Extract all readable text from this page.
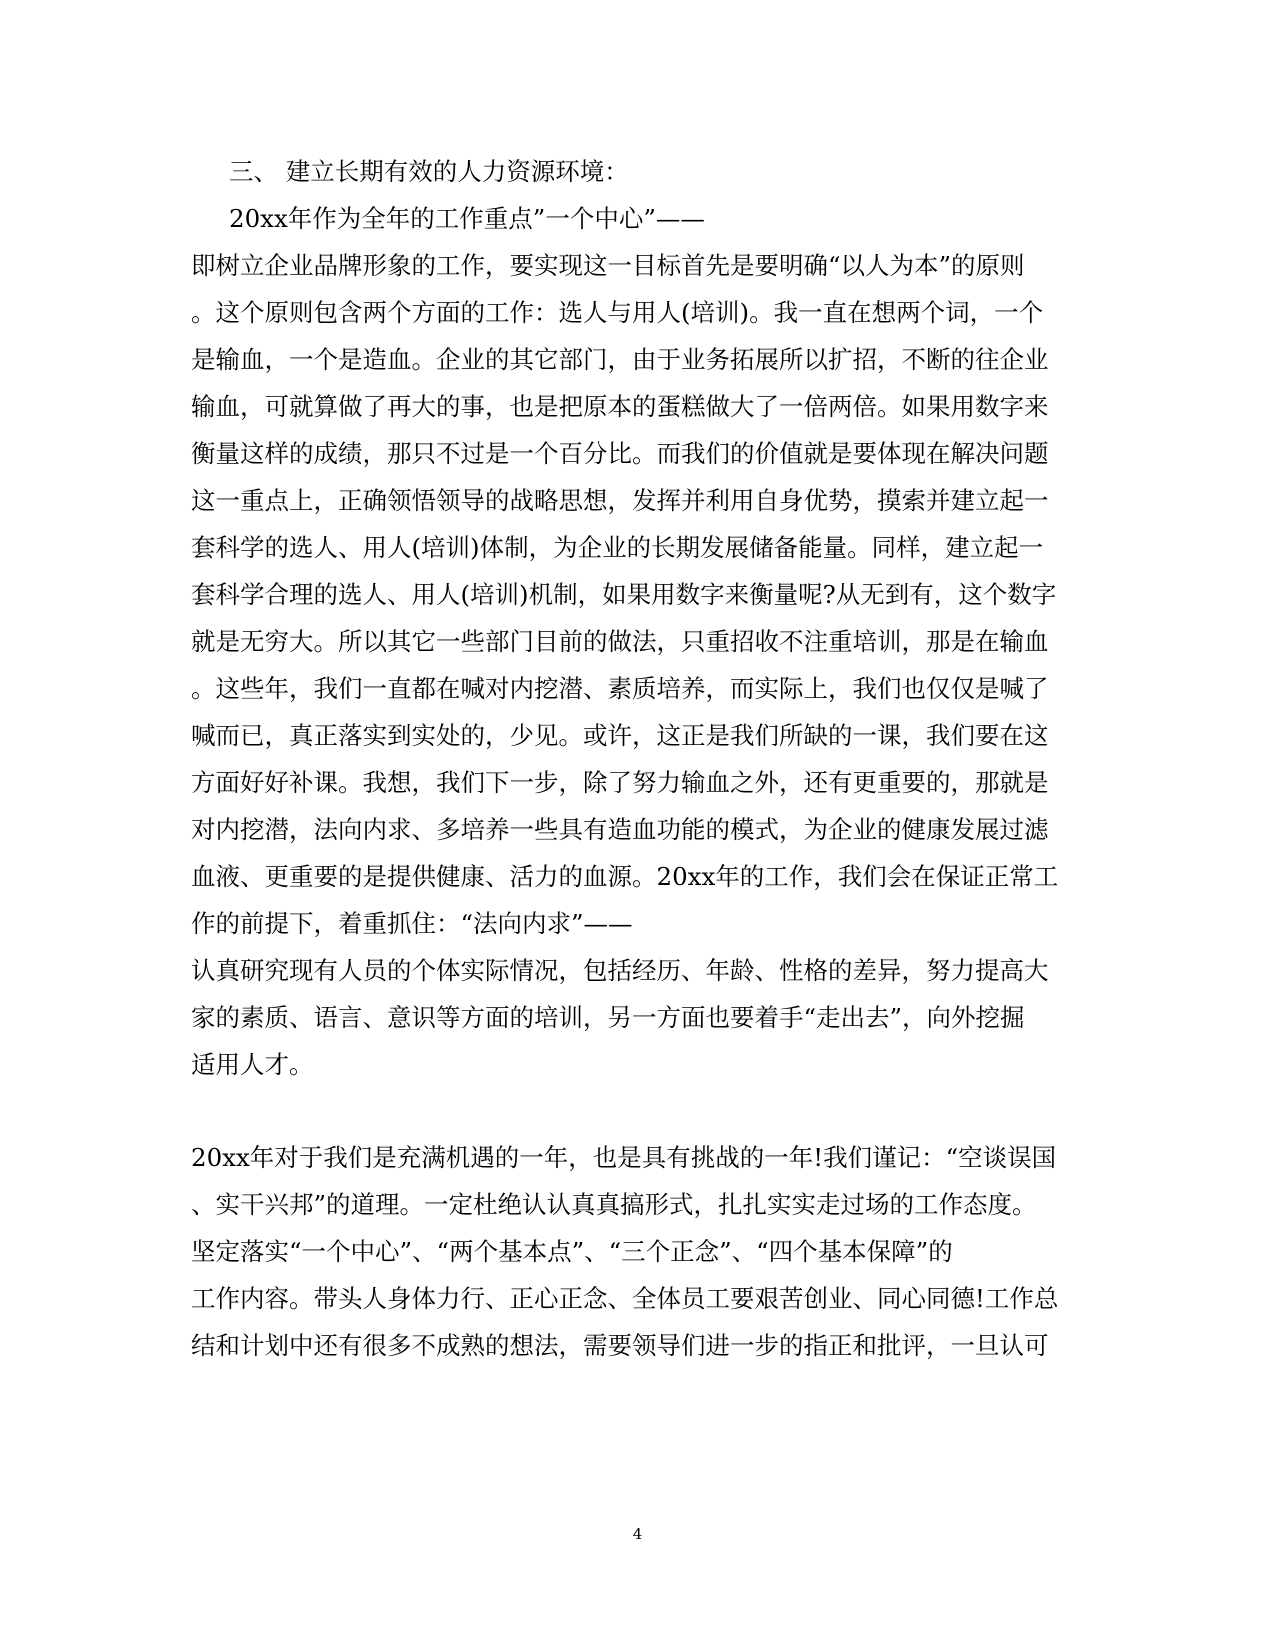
三、 建立长期有效的人力资源环境：
20xx年作为全年的工作重点”一个中心”——
即树立企业品牌形象的工作，要实现这一目标首先是要明确“以人为本”的原则
。这个原则包含两个方面的工作：选人与用人(培训)。我一直在想两个词，一个
是输血，一个是造血。企业的其它部门，由于业务拓展所以扩招，不断的往企业
输血，可就算做了再大的事，也是把原本的蛋糕做大了一倍两倍。如果用数字来
衡量这样的成绩，那只不过是一个百分比。而我们的价值就是要体现在解决问题
这一重点上，正确领悟领导的战略思想，发挥并利用自身优势，摸索并建立起一
套科学的选人、用人(培训)体制，为企业的长期发展储备能量。同样，建立起一
套科学合理的选人、用人(培训)机制，如果用数字来衡量呢?从无到有，这个数字
就是无穷大。所以其它一些部门目前的做法，只重招收不注重培训，那是在输血
。这些年，我们一直都在喊对内挖潜、素质培养，而实际上，我们也仅仅是喊了
喊而已，真正落实到实处的，少见。或许，这正是我们所缺的一课，我们要在这
方面好好补课。我想，我们下一步，除了努力输血之外，还有更重要的，那就是
对内挖潜，法向内求、多培养一些具有造血功能的模式，为企业的健康发展过滤
血液、更重要的是提供健康、活力的血源。20xx年的工作，我们会在保证正常工
作的前提下，着重抓住：“法向内求”——
认真研究现有人员的个体实际情况，包括经历、年龄、性格的差异，努力提高大
家的素质、语言、意识等方面的培训，另一方面也要着手“走出去”，向外挖掘
适用人才。
20xx年对于我们是充满机遇的一年，也是具有挑战的一年!我们谨记：“空谈误国
、实干兴邦”的道理。一定杜绝认认真真搞形式，扎扎实实走过场的工作态度。
坚定落实“一个中心”、“两个基本点”、“三个正念”、“四个基本保障”的
工作内容。带头人身体力行、正心正念、全体员工要艰苦创业、同心同德!工作总
结和计划中还有很多不成熟的想法，需要领导们进一步的指正和批评，一旦认可
4
